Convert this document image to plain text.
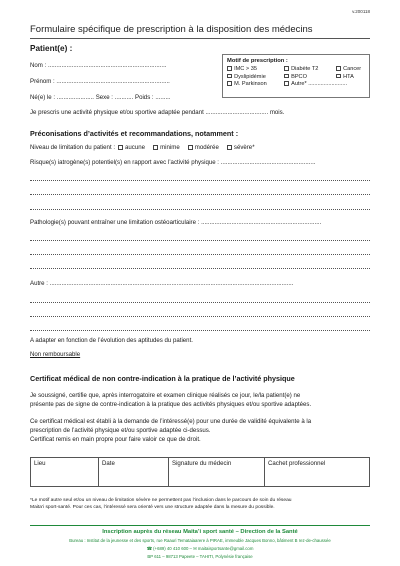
v.200118
Formulaire spécifique de prescription à la disposition des médecins
Patient(e) :
Nom : ......................................................................
Prénom : ...................................................................
Né(e) le : ...................... Sexe : ........... Poids : .........
Je prescris une activité physique et/ou sportive adaptée pendant ..................................... mois.
Motif de prescription :
IMC > 35	Diabète T2	Cancer
Dyslipidémie	BPCO	HTA
M. Parkinson	Autre* .........................
Préconisations d’activités et recommandations, notamment :
Niveau de limitation du patient : aucune minime modérée sévère*
Risque(s) iatrogène(s) potentiel(s) en rapport avec l’activité physique : ........................................................
Pathologie(s) pouvant entraîner une limitation ostéoarticulaire : .......................................................................
Autre : ................................................................................................................................................
A adapter en fonction de l’évolution des aptitudes du patient.
Non remboursable
Certificat médical de non contre-indication à la pratique de l’activité physique
Je soussigné, certifie que, après interrogatoire et examen clinique réalisés ce jour, le/la patient(e) ne
présente pas de signe de contre-indication à la pratique des activités physiques et/ou sportive adaptées.
Ce certificat médical est établi à la demande de l’intéressé(e) pour une durée de validité équivalente à la
prescription de l’activité physique et/ou sportive adaptée ci-dessus.
Certificat remis en main propre pour faire valoir ce que de droit.
Lieu	Date	Signature du médecin	Cachet professionnel
*Le motif autre seul et/ou un niveau de limitation sévère ne permettent pas l’inclusion dans le parcours de soin du réseau
Maita’i sport-santé. Pour ces cas, l’intéressé sera orienté vers une structure adaptée dans la mesure du possible.
Inscription auprès du réseau Maita’i sport santé – Direction de la Santé
Bureau : Institut de la jeunesse et des sports, rue Raauri Temataiaarere à PIRAE, immeuble Jacques Bonno, bâtiment B rez-de-chaussée
☎ (+689) 40 410 600 – ✉ maitaisportsante@gmail.com
BP 611 – 98713 Papeete – TAHITI, Polynésie française
